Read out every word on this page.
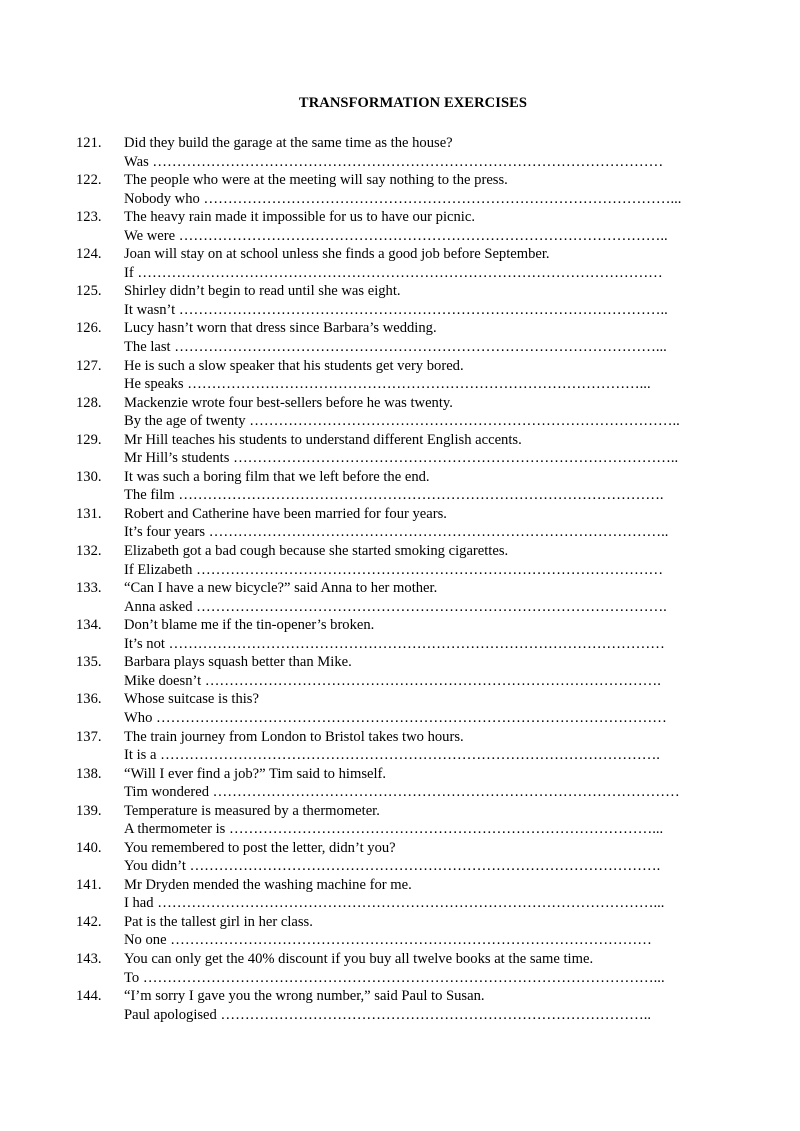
TRANSFORMATION EXERCISES
121. Did they build the garage at the same time as the house?
Was ……………………………………………………………………………………………
122. The people who were at the meeting will say nothing to the press.
Nobody who ……………………………………………………………………………………...
123. The heavy rain made it impossible for us to have our picnic.
We were ………………………………………………………………………………………..
124. Joan will stay on at school unless she finds a good job before September.
If ………………………………………………………………………………………………
125. Shirley didn’t begin to read until she was eight.
It wasn’t ………………………………………………………………………………………..
126. Lucy hasn’t worn that dress since Barbara’s wedding.
The last ………………………………………………………………………………………...
127. He is such a slow speaker that his students get very bored.
He speaks …………………………………………………………………………………...
128. Mackenzie wrote four best-sellers before he was twenty.
By the age of twenty ……………………………………………………………………………..
129. Mr Hill teaches his students to understand different English accents.
Mr Hill’s students ………………………………………………………………………………..
130. It was such a boring film that we left before the end.
The film ……………………………………………………………………………………….
131. Robert and Catherine have been married for four years.
It’s four years …………………………………………………………………………………..
132. Elizabeth got a bad cough because she started smoking cigarettes.
If Elizabeth ……………………………………………………………………………………
133. “Can I have a new bicycle?” said Anna to her mother.
Anna asked …………………………………………………………………………………….
134. Don’t blame me if the tin-opener’s broken.
It’s not …………………………………………………………………………………………
135. Barbara plays squash better than Mike.
Mike doesn’t ………………………………………………………………………………….
136. Whose suitcase is this?
Who ……………………………………………………………………………………………
137. The train journey from London to Bristol takes two hours.
It is a ………………………………………………………………………………………….
138. “Will I ever find a job?” Tim said to himself.
Tim wondered ……………………………………………………………………………………
139. Temperature is measured by a thermometer.
A thermometer is ……………………………………………………………………………...
140. You remembered to post the letter, didn’t you?
You didn’t …………………………………………………………………………………….
141. Mr Dryden mended the washing machine for me.
I had …………………………………………………………………………………………...
142. Pat is the tallest girl in her class.
No one ………………………………………………………………………………………
143. You can only get the 40% discount if you buy all twelve books at the same time.
To ……………………………………………………………………………………………...
144. “I’m sorry I gave you the wrong number,” said Paul to Susan.
Paul apologised ……………………………………………………………………………..
